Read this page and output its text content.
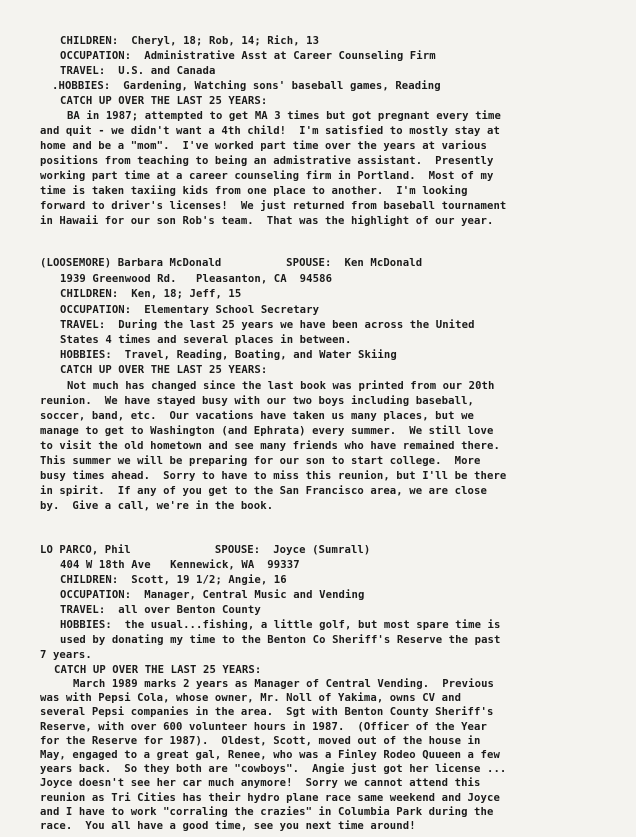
CHILDREN:  Cheryl, 18; Rob, 14; Rich, 13
OCCUPATION:  Administrative Asst at Career Counseling Firm
TRAVEL:  U.S. and Canada
.HOBBIES:  Gardening, Watching sons' baseball games, Reading
CATCH UP OVER THE LAST 25 YEARS:
BA in 1987; attempted to get MA 3 times but got pregnant every time
and quit - we didn't want a 4th child!  I'm satisfied to mostly stay at
home and be a "mom".  I've worked part time over the years at various
positions from teaching to being an admistrative assistant.  Presently
working part time at a career counseling firm in Portland.  Most of my
time is taken taxiing kids from one place to another.  I'm looking
forward to driver's licenses!  We just returned from baseball tournament
in Hawaii for our son Rob's team.  That was the highlight of our year.
(LOOSEMORE) Barbara McDonald          SPOUSE:  Ken McDonald
1939 Greenwood Rd.   Pleasanton, CA  94586
CHILDREN:  Ken, 18; Jeff, 15
OCCUPATION:  Elementary School Secretary
TRAVEL:  During the last 25 years we have been across the United
States 4 times and several places in between.
HOBBIES:  Travel, Reading, Boating, and Water Skiing
CATCH UP OVER THE LAST 25 YEARS:
Not much has changed since the last book was printed from our 20th
reunion.  We have stayed busy with our two boys including baseball,
soccer, band, etc.  Our vacations have taken us many places, but we
manage to get to Washington (and Ephrata) every summer.  We still love
to visit the old hometown and see many friends who have remained there.
This summer we will be preparing for our son to start college.  More
busy times ahead.  Sorry to have to miss this reunion, but I'll be there
in spirit.  If any of you get to the San Francisco area, we are close
by.  Give a call, we're in the book.
LO PARCO, Phil             SPOUSE:  Joyce (Sumrall)
404 W 18th Ave   Kennewick, WA  99337
CHILDREN:  Scott, 19 1/2; Angie, 16
OCCUPATION:  Manager, Central Music and Vending
TRAVEL:  all over Benton County
HOBBIES:  the usual...fishing, a little golf, but most spare time is
used by donating my time to the Benton Co Sheriff's Reserve the past
7 years.
CATCH UP OVER THE LAST 25 YEARS:
March 1989 marks 2 years as Manager of Central Vending.  Previous
was with Pepsi Cola, whose owner, Mr. Noll of Yakima, owns CV and
several Pepsi companies in the area.  Sgt with Benton County Sheriff's
Reserve, with over 600 volunteer hours in 1987.  (Officer of the Year
for the Reserve for 1987).  Oldest, Scott, moved out of the house in
May, engaged to a great gal, Renee, who was a Finley Rodeo Quueen a few
years back.  So they both are "cowboys".  Angie just got her license ...
Joyce doesn't see her car much anymore!  Sorry we cannot attend this
reunion as Tri Cities has their hydro plane race same weekend and Joyce
and I have to work "corraling the crazies" in Columbia Park during the
race.  You all have a good time, see you next time around!
